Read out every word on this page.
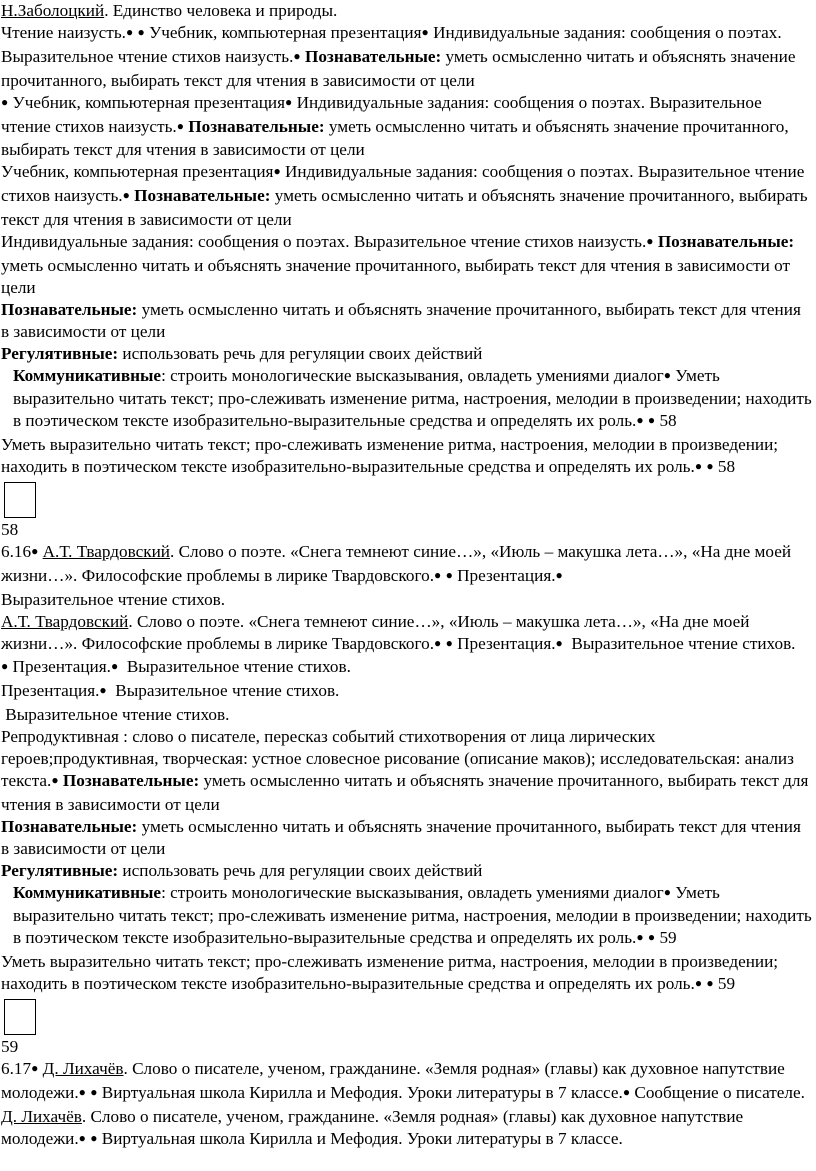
Н.Заболоцкий. Единство человека и природы.

Чтение наизусть.● ● Учебник, компьютерная презентация● Индивидуальные задания: сообщения о поэтах. Выразительное чтение стихов наизусть.● Познавательные: уметь осмысленно читать и объяснять значение прочитанного, выбирать текст для чтения в зависимости от цели

● Учебник, компьютерная презентация● Индивидуальные задания: сообщения о поэтах. Выразительное чтение стихов наизусть.● Познавательные: уметь осмысленно читать и объяснять значение прочитанного, выбирать текст для чтения в зависимости от цели

Учебник, компьютерная презентация● Индивидуальные задания: сообщения о поэтах. Выразительное чтение стихов наизусть.● Познавательные: уметь осмысленно читать и объяснять значение прочитанного, выбирать текст для чтения в зависимости от цели

Индивидуальные задания: сообщения о поэтах. Выразительное чтение стихов наизусть.● Познавательные: уметь осмысленно читать и объяснять значение прочитанного, выбирать текст для чтения в зависимости от цели

Познавательные: уметь осмысленно читать и объяснять значение прочитанного, выбирать текст для чтения в зависимости от цели

Регулятивные: использовать речь для регуляции своих действий

Коммуникативные: строить монологические высказывания, овладеть умениями диалог● Уметь выразительно читать текст; про-слеживать изменение ритма, настроения, мелодии в произведении; находить в поэтическом тексте изобразительно-выразительные средства и определять их роль.● ● 58

Уметь выразительно читать текст; про-слеживать изменение ритма, настроения, мелодии в произведении; находить в поэтическом тексте изобразительно-выразительные средства и определять их роль.● ● 58

58

6.16● А.Т. Твардовский. Слово о поэте. «Снега темнеют синие…», «Июль – макушка лета…», «На дне моей жизни…». Философские проблемы в лирике Твардовского.● ● Презентация.●
Выразительное чтение стихов.

А.Т. Твардовский. Слово о поэте. «Снега темнеют синие…», «Июль – макушка лета…», «На дне моей жизни…». Философские проблемы в лирике Твардовского.● ● Презентация.● Выразительное чтение стихов.

● Презентация.● Выразительное чтение стихов.

Презентация.● Выразительное чтение стихов.

Выразительное чтение стихов.

Репродуктивная : слово о писателе, пересказ событий стихотворения от лица лирических героев;продуктивная, творческая: устное словесное рисование (описание маков); исследовательская: анализ текста.● Познавательные: уметь осмысленно читать и объяснять значение прочитанного, выбирать текст для чтения в зависимости от цели

Познавательные: уметь осмысленно читать и объяснять значение прочитанного, выбирать текст для чтения в зависимости от цели

Регулятивные: использовать речь для регуляции своих действий

Коммуникативные: строить монологические высказывания, овладеть умениями диалог● Уметь выразительно читать текст; про-слеживать изменение ритма, настроения, мелодии в произведении; находить в поэтическом тексте изобразительно-выразительные средства и определять их роль.● ● 59

Уметь выразительно читать текст; про-слеживать изменение ритма, настроения, мелодии в произведении; находить в поэтическом тексте изобразительно-выразительные средства и определять их роль.● ● 59

59

6.17● Д. Лихачёв. Слово о писателе, ученом, гражданине. «Земля родная» (главы) как духовное напутствие молодежи.● ● Виртуальная школа Кирилла и Мефодия. Уроки литературы в 7 классе.● Сообщение о писателе.

Д. Лихачёв. Слово о писателе, ученом, гражданине. «Земля родная» (главы) как духовное напутствие молодежи.● ● Виртуальная школа Кирилла и Мефодия. Уроки литературы в 7 классе.
